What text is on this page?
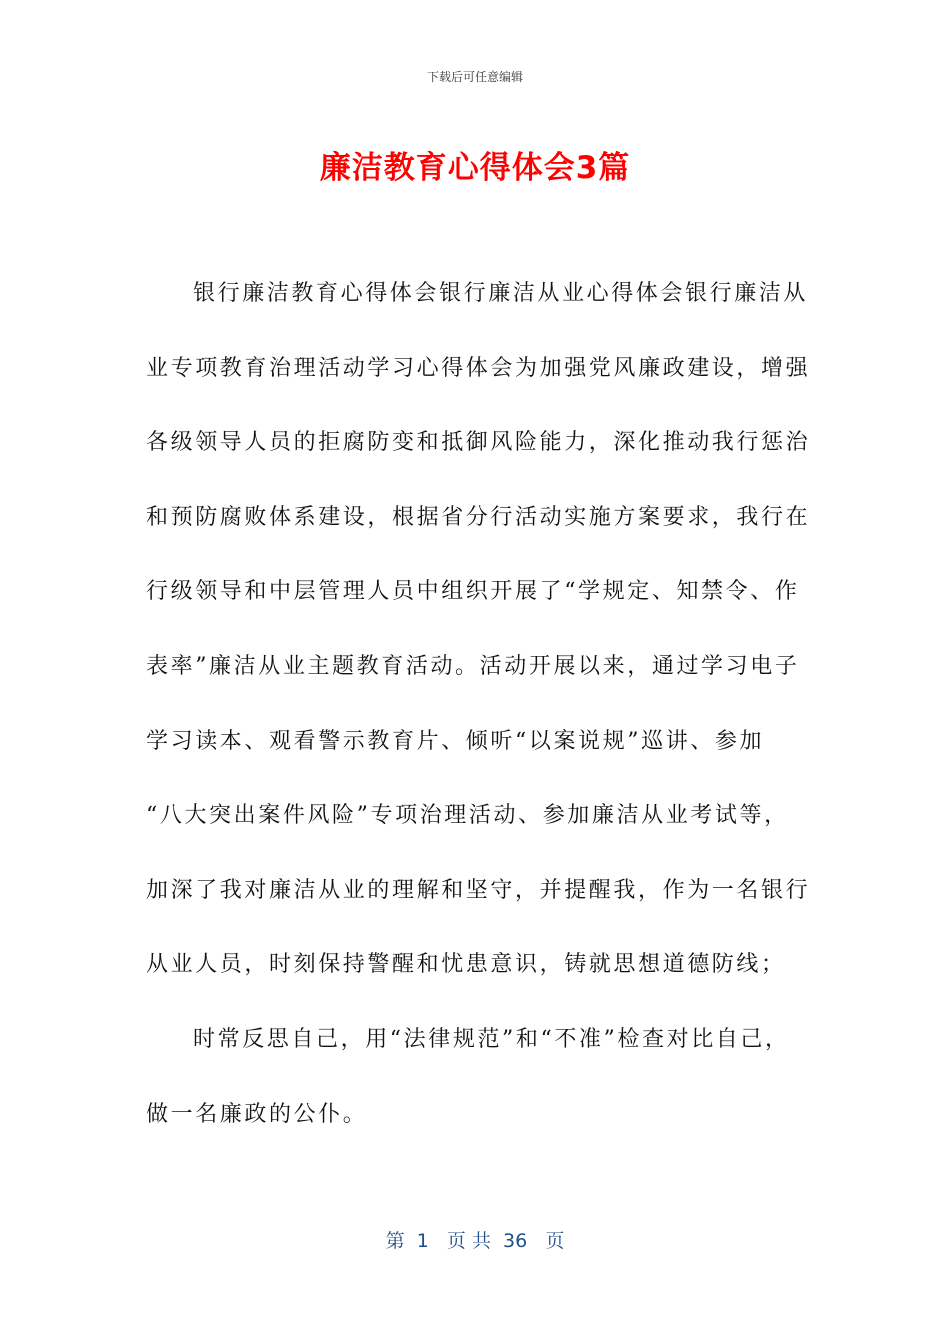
下载后可任意编辑
廉洁教育心得体会3篇
银行廉洁教育心得体会银行廉洁从业心得体会银行廉洁从
业专项教育治理活动学习心得体会为加强党风廉政建设，增强
各级领导人员的拒腐防变和抵御风险能力，深化推动我行惩治
和预防腐败体系建设，根据省分行活动实施方案要求，我行在
行级领导和中层管理人员中组织开展了“学规定、知禁令、作
表率”廉洁从业主题教育活动。活动开展以来，通过学习电子
学习读本、观看警示教育片、倾听“以案说规”巡讲、参加
“八大突出案件风险”专项治理活动、参加廉洁从业考试等，
加深了我对廉洁从业的理解和坚守，并提醒我，作为一名银行
从业人员，时刻保持警醒和忧患意识，铸就思想道德防线；
时常反思自己，用“法律规范”和“不准”检查对比自己，
做一名廉政的公仆。
第  1   页 共  36   页
